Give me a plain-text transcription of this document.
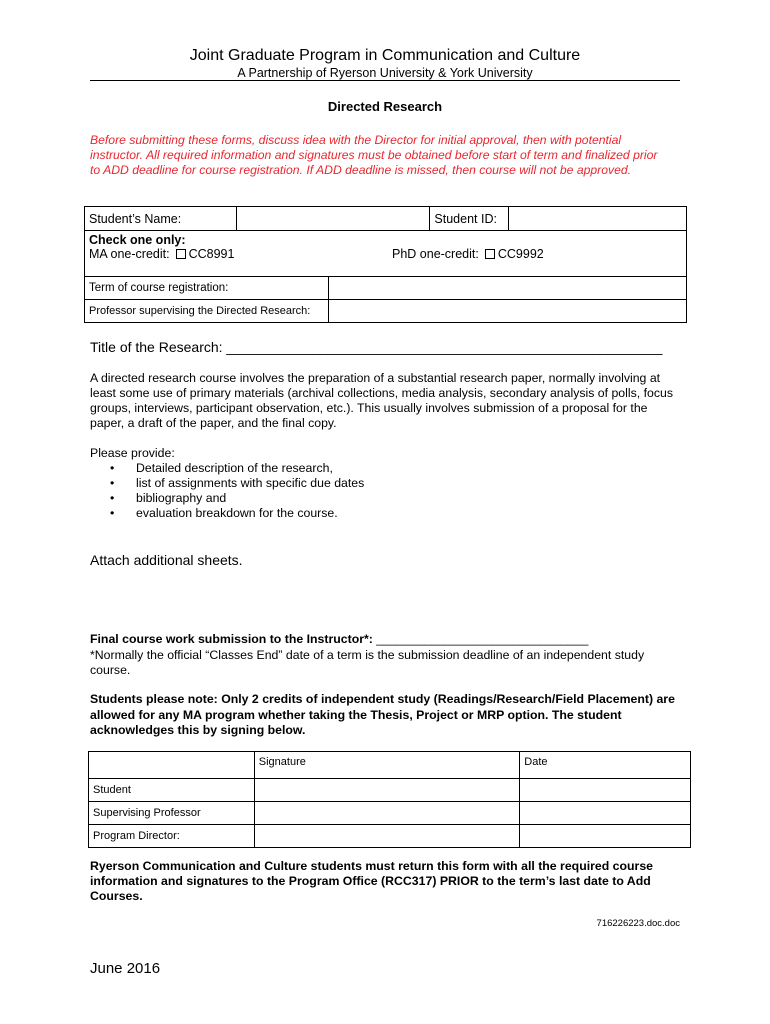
Joint Graduate Program in Communication and Culture
A Partnership of Ryerson University & York University
Directed Research
Before submitting these forms, discuss idea with the Director for initial approval, then with potential instructor. All required information and signatures must be obtained before start of term and finalized prior to ADD deadline for course registration. If ADD deadline is missed, then course will not be approved.
Student’s Name:			Student ID:	

Check one only:
MA one-credit: CC8991 PhD one-credit: CC9992				

Term of course registration:				
Professor supervising the Directed Research:				
Title of the Research: ________________________________________________________
A directed research course involves the preparation of a substantial research paper, normally involving at least some use of primary materials (archival collections, media analysis, secondary analysis of polls, focus groups, interviews, participant observation, etc.). This usually involves submission of a proposal for the paper, a draft of the paper, and the final copy.
Please provide:
• Detailed description of the research,
• list of assignments with specific due dates
• bibliography and
• evaluation breakdown for the course.
Attach additional sheets.
Final course work submission to the Instructor*: _______________________________
*Normally the official “Classes End” date of a term is the submission deadline of an independent study course.
Students please note: Only 2 credits of independent study (Readings/Research/Field Placement) are allowed for any MA program whether taking the Thesis, Project or MRP option. The student acknowledges this by signing below.
	Signature	Date
Student		
Supervising Professor		
Program Director:		
Ryerson Communication and Culture students must return this form with all the required course information and signatures to the Program Office (RCC317) PRIOR to the term’s last date to Add Courses.
716226223.doc.doc
June 2016
